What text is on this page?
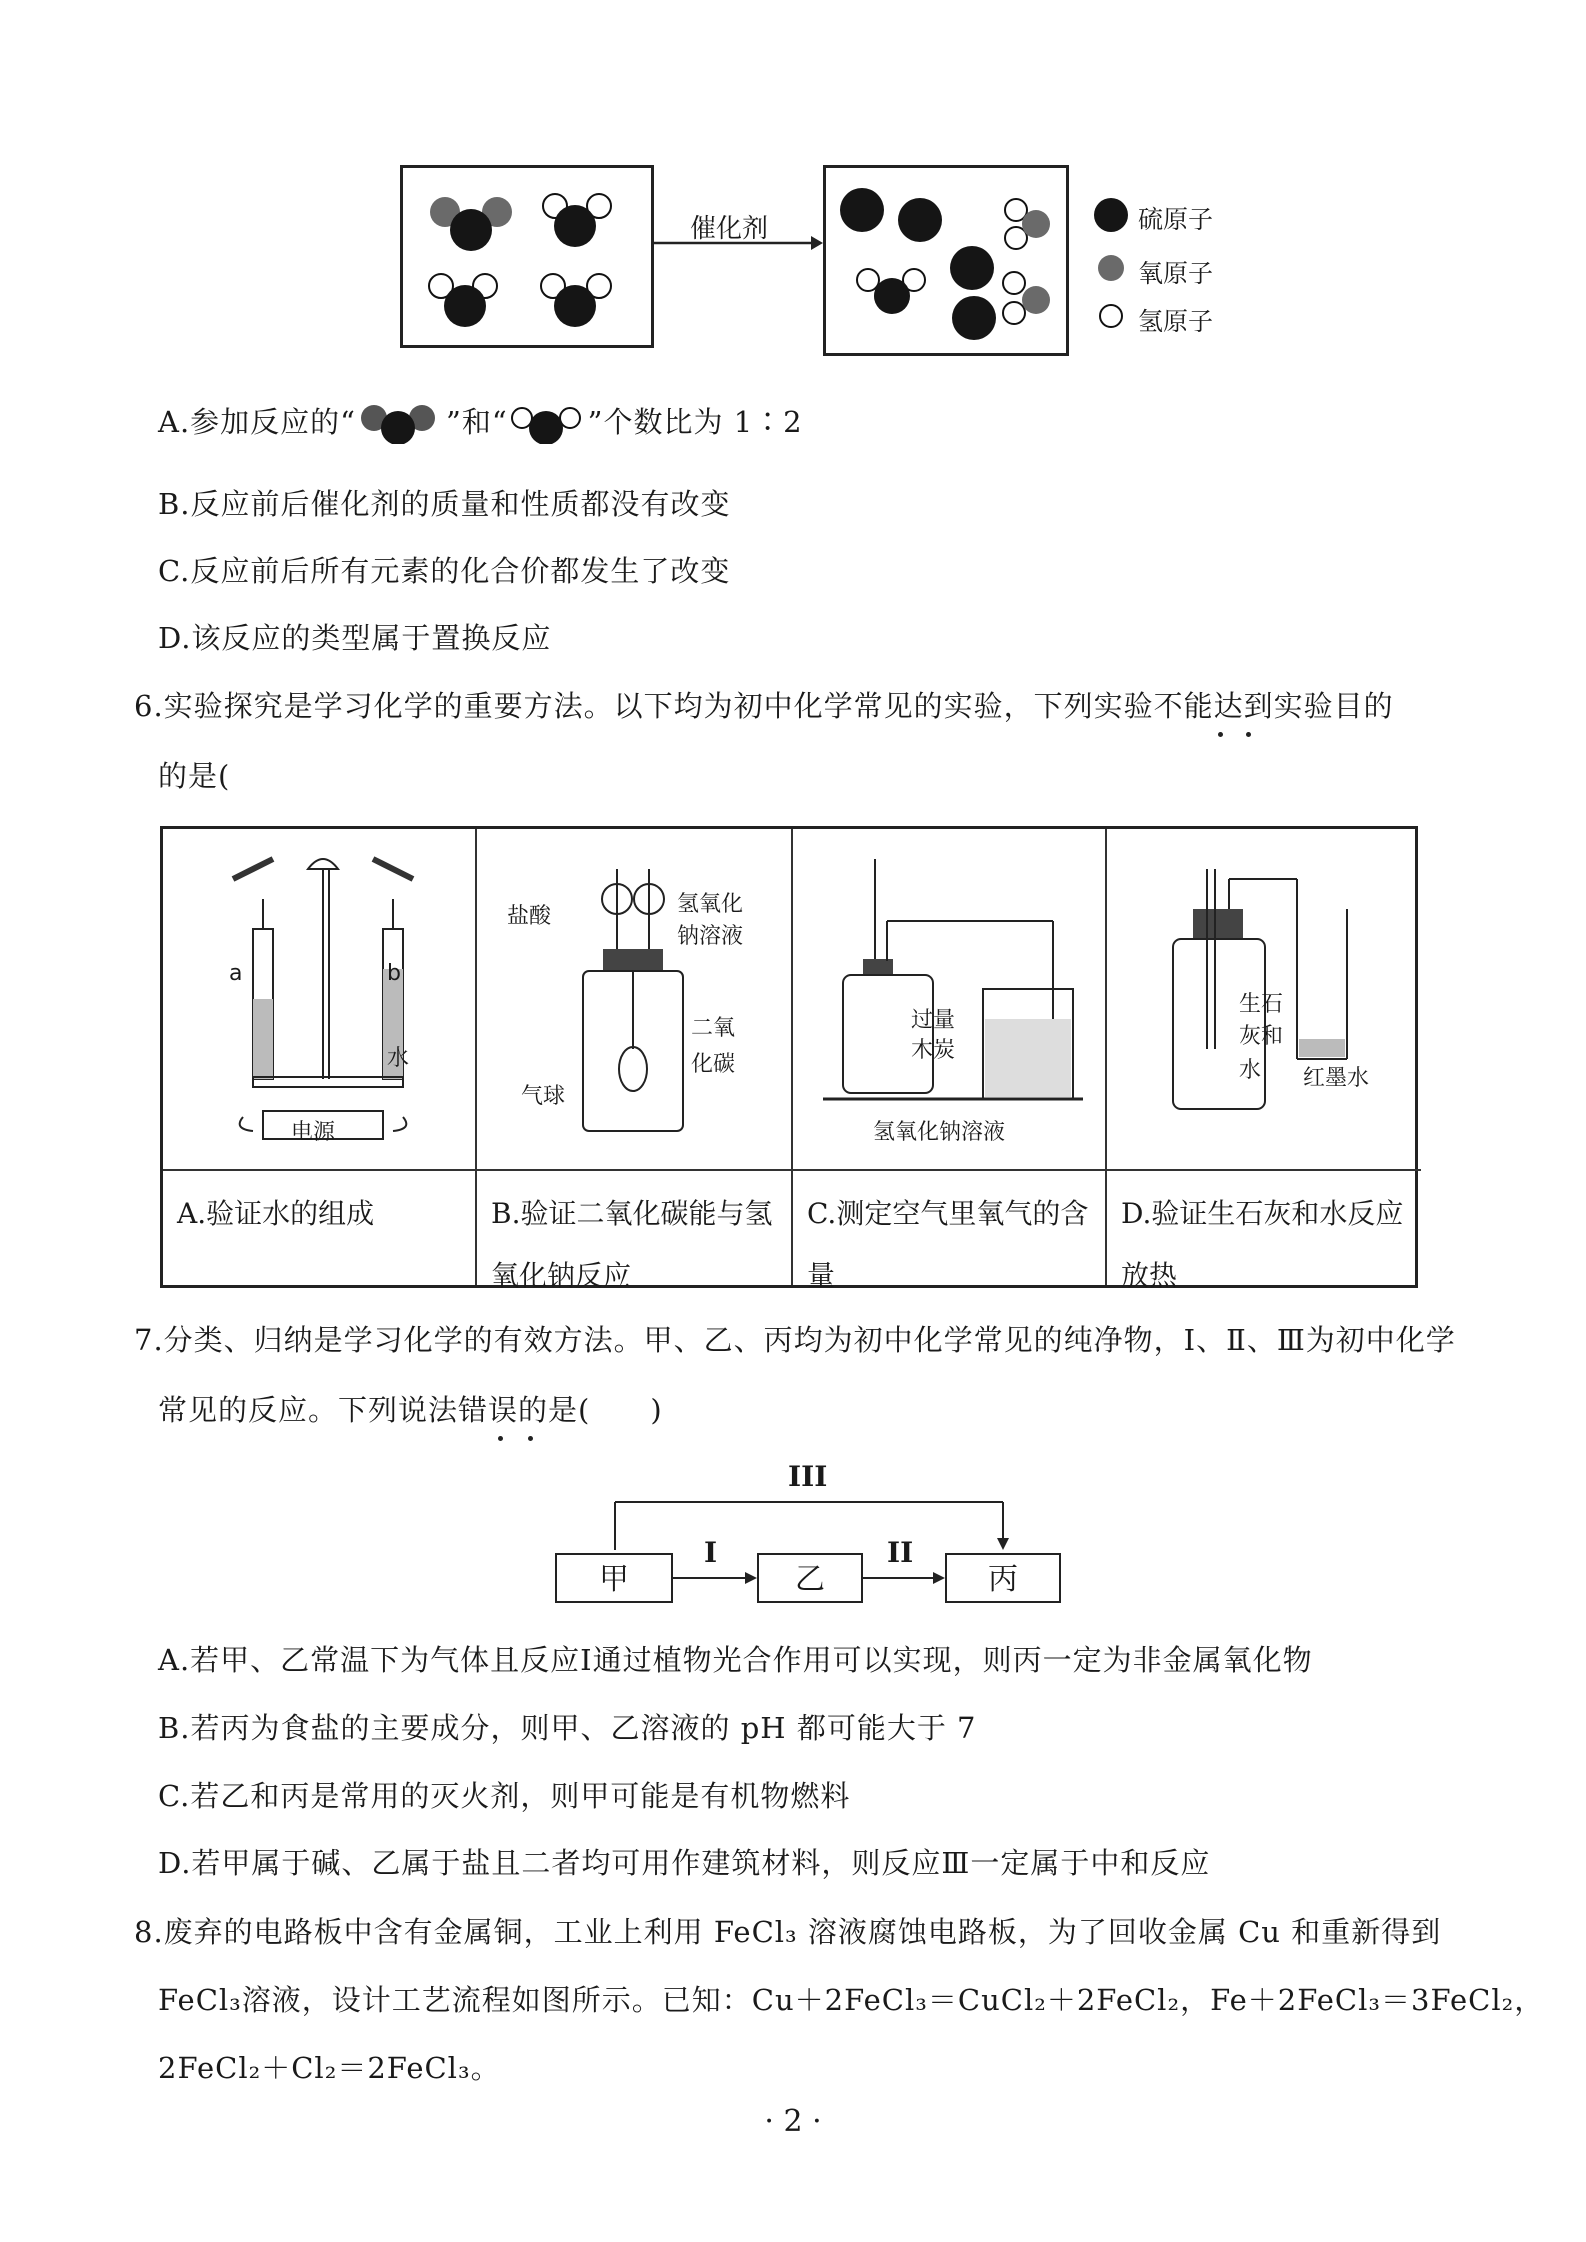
催化剂	硫原子
氧原子
氢原子
A.参加反应的“	”和“	”个数比为 1∶2
B.反应前后催化剂的质量和性质都没有改变
C.反应前后所有元素的化合价都发生了改变
D.该反应的类型属于置换反应
6.实验探究是学习化学的重要方法。以下均为初中化学常见的实验，下列实验不能达到实验目的
的是(
a	b
水
电源
A.验证水的组成
盐酸	氢氧化
钠溶液
二氧
化碳
气球
B.验证二氧化碳能与氢氧化钠反应
过量
木炭
氢氧化钠溶液
C.测定空气里氧气的含量
生石
灰和
水 红墨水
D.验证生石灰和水反应放热
7.分类、归纳是学习化学的有效方法。甲、乙、丙均为初中化学常见的纯净物，Ⅰ、Ⅱ、Ⅲ为初中化学
常见的反应。下列说法错误的是(　　)
甲	乙	丙
I	II
III
A.若甲、乙常温下为气体且反应Ⅰ通过植物光合作用可以实现，则丙一定为非金属氧化物
B.若丙为食盐的主要成分，则甲、乙溶液的 pH 都可能大于 7
C.若乙和丙是常用的灭火剂，则甲可能是有机物燃料
D.若甲属于碱、乙属于盐且二者均可用作建筑材料，则反应Ⅲ一定属于中和反应
8.废弃的电路板中含有金属铜，工业上利用 FeCl₃ 溶液腐蚀电路板，为了回收金属 Cu 和重新得到
FeCl₃溶液，设计工艺流程如图所示。已知：Cu＋2FeCl₃＝CuCl₂＋2FeCl₂，Fe＋2FeCl₃＝3FeCl₂，
2FeCl₂＋Cl₂＝2FeCl₃。
· 2 ·
